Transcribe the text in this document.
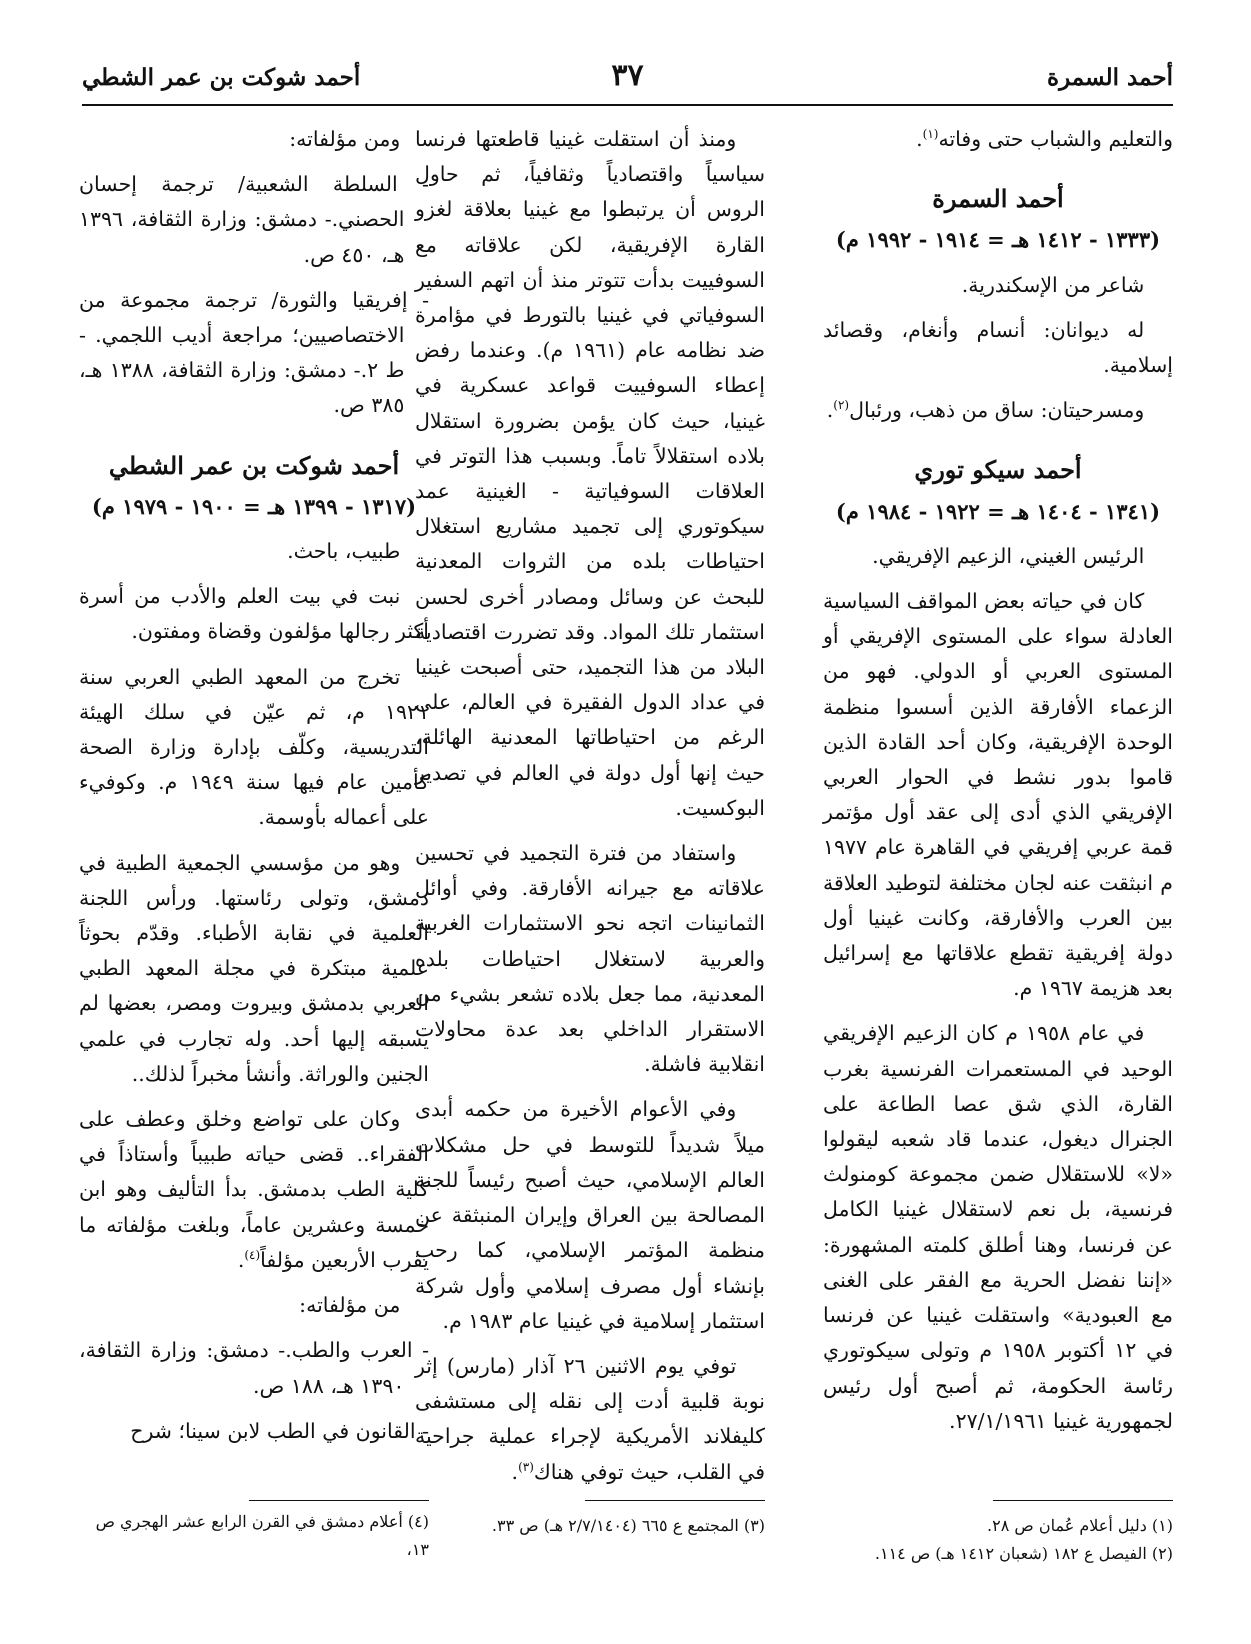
أحمد السمرة
٣٧
أحمد شوكت بن عمر الشطي

والتعليم والشباب حتى وفاته$^{(١)}$.

أحمد السمرة
(١٣٣٣ - ١٤١٢ هـ = ١٩١٤ - ١٩٩٢ م)

شاعر من الإسكندرية.

له ديوانان: أنسام وأنغام، وقصائد إسلامية.

ومسرحيتان: ساق من ذهب، ورئبال$^{(٢)}$.

أحمد سيكو توري
(١٣٤١ - ١٤٠٤ هـ = ١٩٢٢ - ١٩٨٤ م)

الرئيس الغيني، الزعيم الإفريقي.

كان في حياته بعض المواقف السياسية العادلة سواء على المستوى الإفريقي أو المستوى العربي أو الدولي. فهو من الزعماء الأفارقة الذين أسسوا منظمة الوحدة الإفريقية، وكان أحد القادة الذين قاموا بدور نشط في الحوار العربي الإفريقي الذي أدى إلى عقد أول مؤتمر قمة عربي إفريقي في القاهرة عام ١٩٧٧ م انبثقت عنه لجان مختلفة لتوطيد العلاقة بين العرب والأفارقة، وكانت غينيا أول دولة إفريقية تقطع علاقاتها مع إسرائيل بعد هزيمة ١٩٦٧ م.

في عام ١٩٥٨ م كان الزعيم الإفريقي الوحيد في المستعمرات الفرنسية بغرب القارة، الذي شق عصا الطاعة على الجنرال ديغول، عندما قاد شعبه ليقولوا «لا» للاستقلال ضمن مجموعة كومنولث فرنسية، بل نعم لاستقلال غينيا الكامل عن فرنسا، وهنا أطلق كلمته المشهورة: «إننا نفضل الحرية مع الفقر على الغنى مع العبودية» واستقلت غينيا عن فرنسا في ١٢ أكتوبر ١٩٥٨ م وتولى سيكوتوري رئاسة الحكومة، ثم أصبح أول رئيس لجمهورية غينيا ٢٧/١/١٩٦١.

ومنذ أن استقلت غينيا قاطعتها فرنسا سياسياً واقتصادياً وثقافياً، ثم حاول الروس أن يرتبطوا مع غينيا بعلاقة لغزو القارة الإفريقية، لكن علاقاته مع السوفييت بدأت تتوتر منذ أن اتهم السفير السوفياتي في غينيا بالتورط في مؤامرة ضد نظامه عام (١٩٦١ م). وعندما رفض إعطاء السوفييت قواعد عسكرية في غينيا، حيث كان يؤمن بضرورة استقلال بلاده استقلالاً تاماً. وبسبب هذا التوتر في العلاقات السوفياتية - الغينية عمد سيكوتوري إلى تجميد مشاريع استغلال احتياطات بلده من الثروات المعدنية للبحث عن وسائل ومصادر أخرى لحسن استثمار تلك المواد. وقد تضررت اقتصادية البلاد من هذا التجميد، حتى أصبحت غينيا في عداد الدول الفقيرة في العالم، على الرغم من احتياطاتها المعدنية الهائلة، حيث إنها أول دولة في العالم في تصدير البوكسيت.

واستفاد من فترة التجميد في تحسين علاقاته مع جيرانه الأفارقة. وفي أوائل الثمانينات اتجه نحو الاستثمارات الغربية والعربية لاستغلال احتياطات بلده المعدنية، مما جعل بلاده تشعر بشيء من الاستقرار الداخلي بعد عدة محاولات انقلابية فاشلة.

وفي الأعوام الأخيرة من حكمه أبدى ميلاً شديداً للتوسط في حل مشكلات العالم الإسلامي، حيث أصبح رئيساً للجنة المصالحة بين العراق وإيران المنبثقة عن منظمة المؤتمر الإسلامي، كما رحب بإنشاء أول مصرف إسلامي وأول شركة استثمار إسلامية في غينيا عام ١٩٨٣ م.

توفي يوم الاثنين ٢٦ آذار (مارس) إثر نوبة قلبية أدت إلى نقله إلى مستشفى كليفلاند الأمريكية لإجراء عملية جراحية في القلب، حيث توفي هناك$^{(٣)}$.

ومن مؤلفاته:

- السلطة الشعبية/ ترجمة إحسان الحصني.- دمشق: وزارة الثقافة، ١٣٩٦ هـ، ٤٥٠ ص.

- إفريقيا والثورة/ ترجمة مجموعة من الاختصاصيين؛ مراجعة أديب اللجمي. - ط ٢.- دمشق: وزارة الثقافة، ١٣٨٨ هـ، ٣٨٥ ص.

أحمد شوكت بن عمر الشطي
(١٣١٧ - ١٣٩٩ هـ = ١٩٠٠ - ١٩٧٩ م)

طبيب، باحث.

نبت في بيت العلم والأدب من أسرة أكثر رجالها مؤلفون وقضاة ومفتون.

تخرج من المعهد الطبي العربي سنة ١٩٢١ م، ثم عيّن في سلك الهيئة التدريسية، وكلّف بإدارة وزارة الصحة كأمين عام فيها سنة ١٩٤٩ م. وكوفيء على أعماله بأوسمة.

وهو من مؤسسي الجمعية الطبية في دمشق، وتولى رئاستها. ورأس اللجنة العلمية في نقابة الأطباء. وقدّم بحوثاً علمية مبتكرة في مجلة المعهد الطبي العربي بدمشق وبيروت ومصر، بعضها لم يسبقه إليها أحد. وله تجارب في علمي الجنين والوراثة. وأنشأ مخبراً لذلك..

وكان على تواضع وخلق وعطف على الفقراء.. قضى حياته طبيباً وأستاذاً في كلية الطب بدمشق. بدأ التأليف وهو ابن خمسة وعشرين عاماً، وبلغت مؤلفاته ما يقرب الأربعين مؤلفاً$^{(٤)}$.

من مؤلفاته:

- العرب والطب.- دمشق: وزارة الثقافة، ١٣٩٠ هـ، ١٨٨ ص.

- القانون في الطب لابن سينا؛ شرح

(١) دليل أعلام عُمان ص ٢٨.

(٢) الفيصل ع ١٨٢ (شعبان ١٤١٢ هـ) ص ١١٤.

(٣) المجتمع ع ٦٦٥ (٢/٧/١٤٠٤ هـ) ص ٣٣.

(٤) أعلام دمشق في القرن الرابع عشر الهجري ص ١٣،
